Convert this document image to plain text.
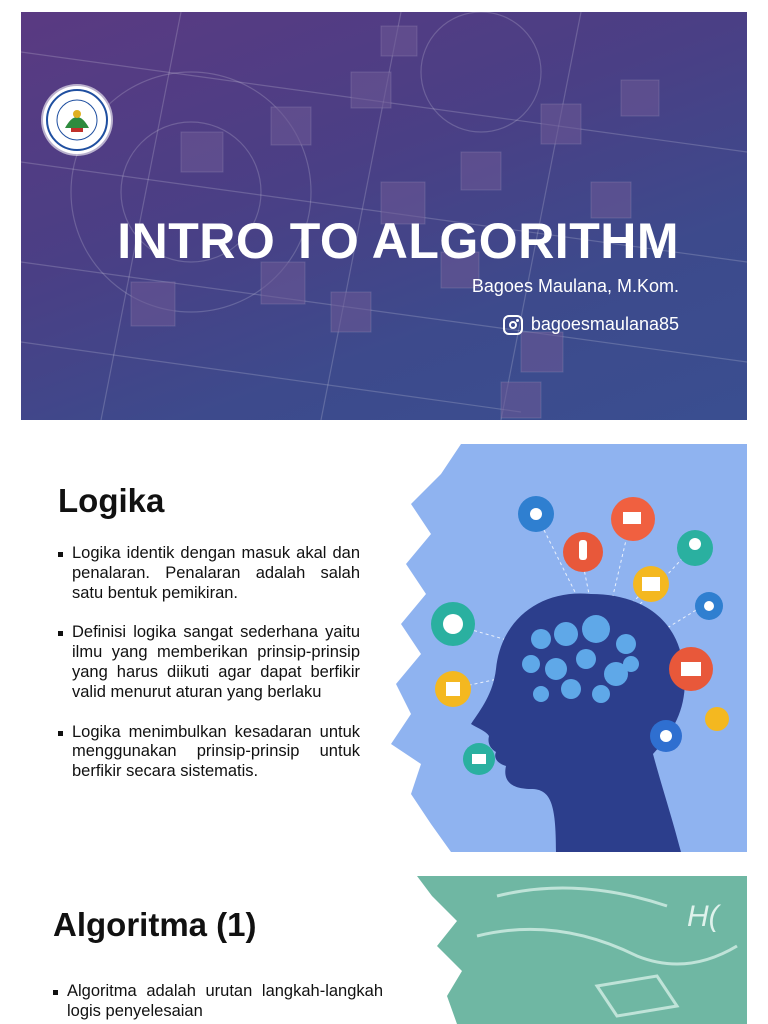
INTRO TO ALGORITHM
Bagoes Maulana, M.Kom.
bagoesmaulana85
Logika
Logika identik dengan masuk akal dan penalaran. Penalaran adalah salah satu bentuk pemikiran.
Definisi logika sangat sederhana yaitu ilmu yang memberikan prinsip-prinsip yang harus diikuti agar dapat berfikir valid menurut aturan yang berlaku
Logika menimbulkan kesadaran untuk menggunakan prinsip-prinsip untuk berfikir secara sistematis.
Algoritma (1)
Algoritma adalah urutan langkah-langkah logis penyelesaian
H(
